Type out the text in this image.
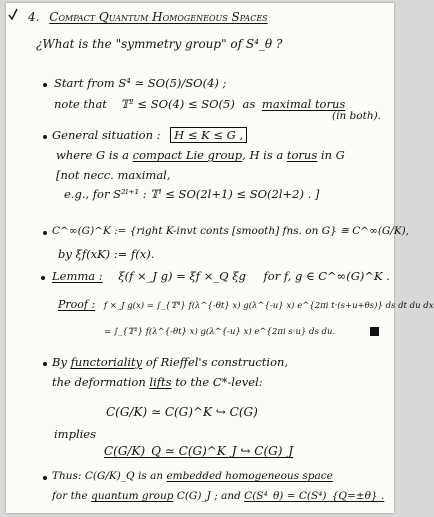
4. Compact Quantum Homogeneous Spaces
¿What is the "symmetry group" of S⁴_θ ?
Start from S⁴ ≃ SO(5)/SO(4) ;
note that 𝕋² ≤ SO(4) ≤ SO(5) as maximal torus
(in both).
General situation : H ≤ K ≤ G ,
where G is a compact Lie group, H is a torus in G
[not necc. maximal,
e.g., for S²ˡ⁺¹ : 𝕋ˡ ≤ SO(2l+1) ≤ SO(2l+2) . ]
C^∞(G)^K := {right K-invt conts [smooth] fns. on G} ≅ C^∞(G/K),
by ξf(xK) := f(x).
Lemma : ξ(f ×_J g) = ξf ×_Q ξg for f, g ∈ C^∞(G)^K .
Proof : f ×_J g(x) = ∫_{𝕋⁴} f(λ^{-θt} x) g(λ^{-u} x) e^{2πi t·(s+u+θs)} ds dt du dx
= ∫_{𝕋²} f(λ^{-θt} x) g(λ^{-u} x) e^{2πi s·u} ds du.
By functoriality of Rieffel's construction,
the deformation lifts to the C*-level:
C(G/K) ≃ C(G)^K ↪ C(G)
implies
C(G/K)_Q ≃ C(G)^K_J ↪ C(G)_J
Thus: C(G/K)_Q is an embedded homogeneous space
for the quantum group C(G)_J ; and C(S⁴_θ) = C(S⁴)_{Q=±θ} .
